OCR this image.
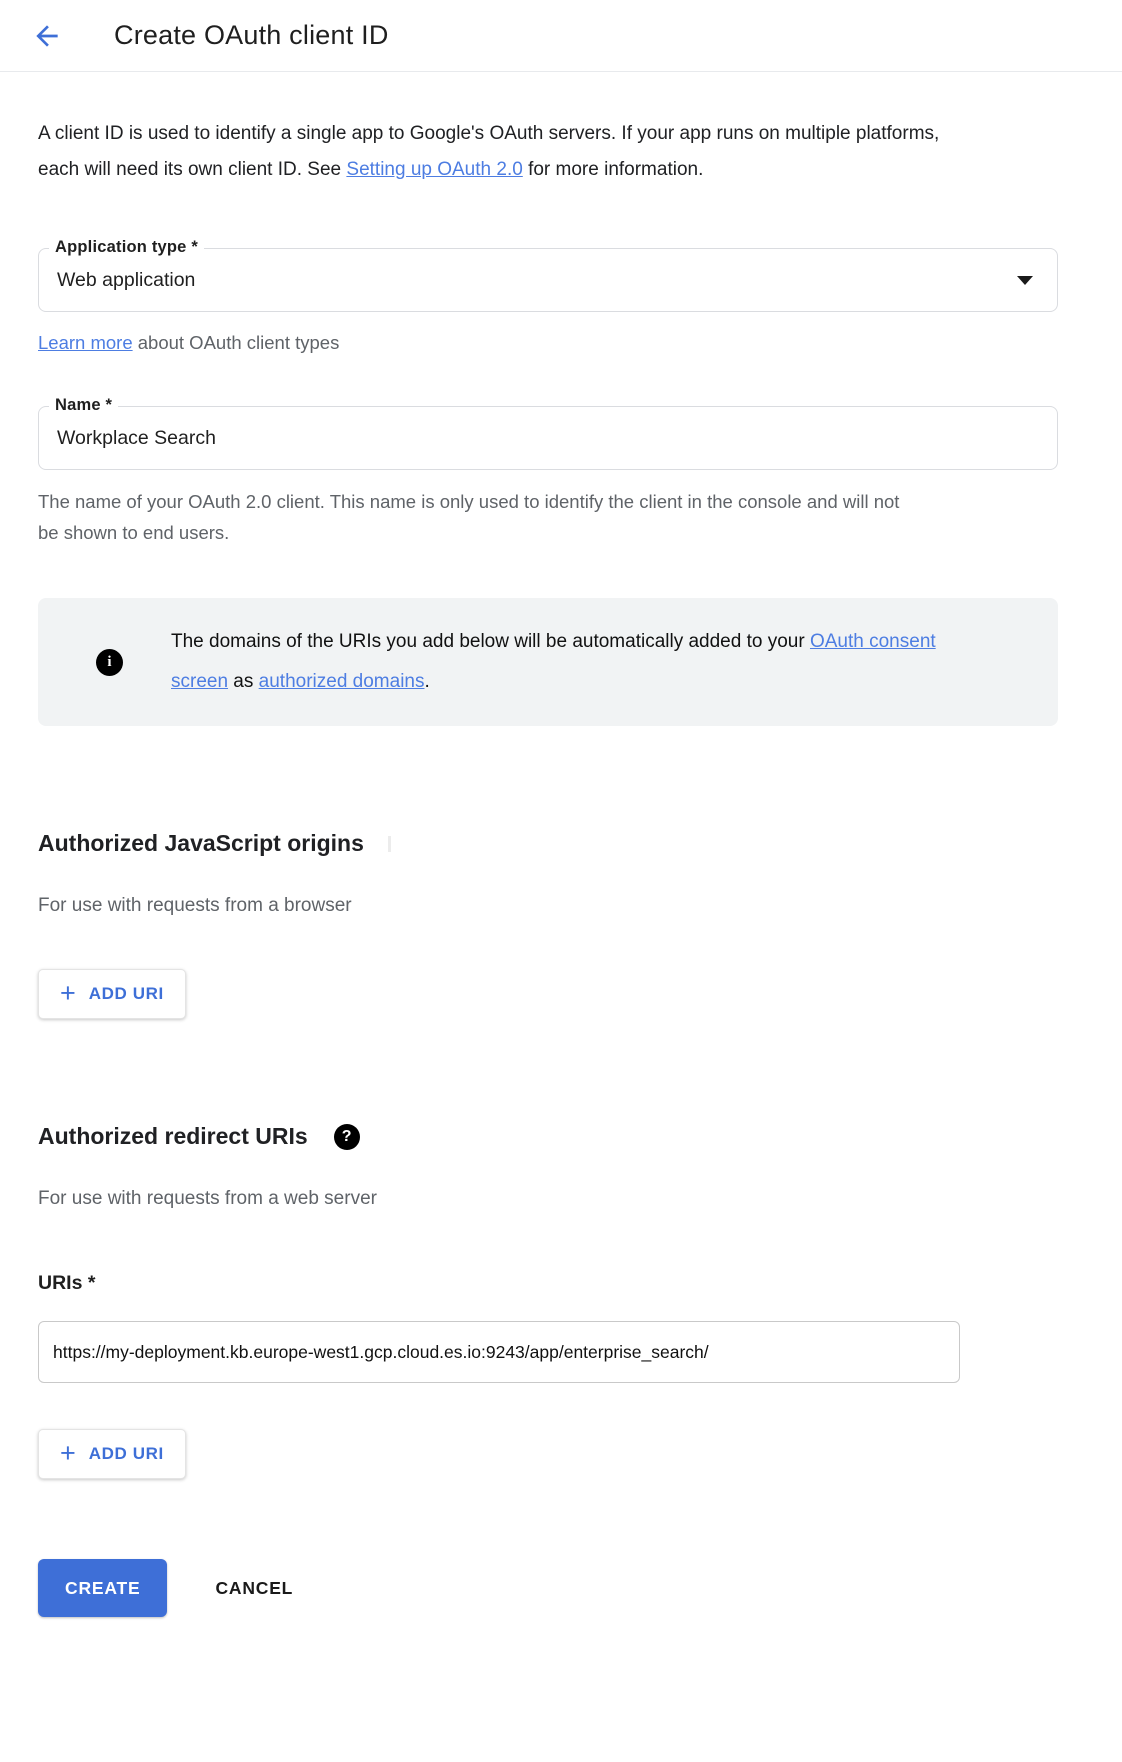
Create OAuth client ID

A client ID is used to identify a single app to Google's OAuth servers. If your app runs on multiple platforms, each will need its own client ID. See Setting up OAuth 2.0 for more information.

Application type *
Web application

Learn more about OAuth client types

Name *
Workplace Search

The name of your OAuth 2.0 client. This name is only used to identify the client in the console and will not be shown to end users.

i

The domains of the URIs you add below will be automatically added to your OAuth consent screen as authorized domains.

Authorized JavaScript origins

For use with requests from a browser

+ ADD URI
Authorized redirect URIs	?

For use with requests from a web server

URIs *

https://my-deployment.kb.europe-west1.gcp.cloud.es.io:9243/app/enterprise_search/
+ ADD URI
CREATE	CANCEL
